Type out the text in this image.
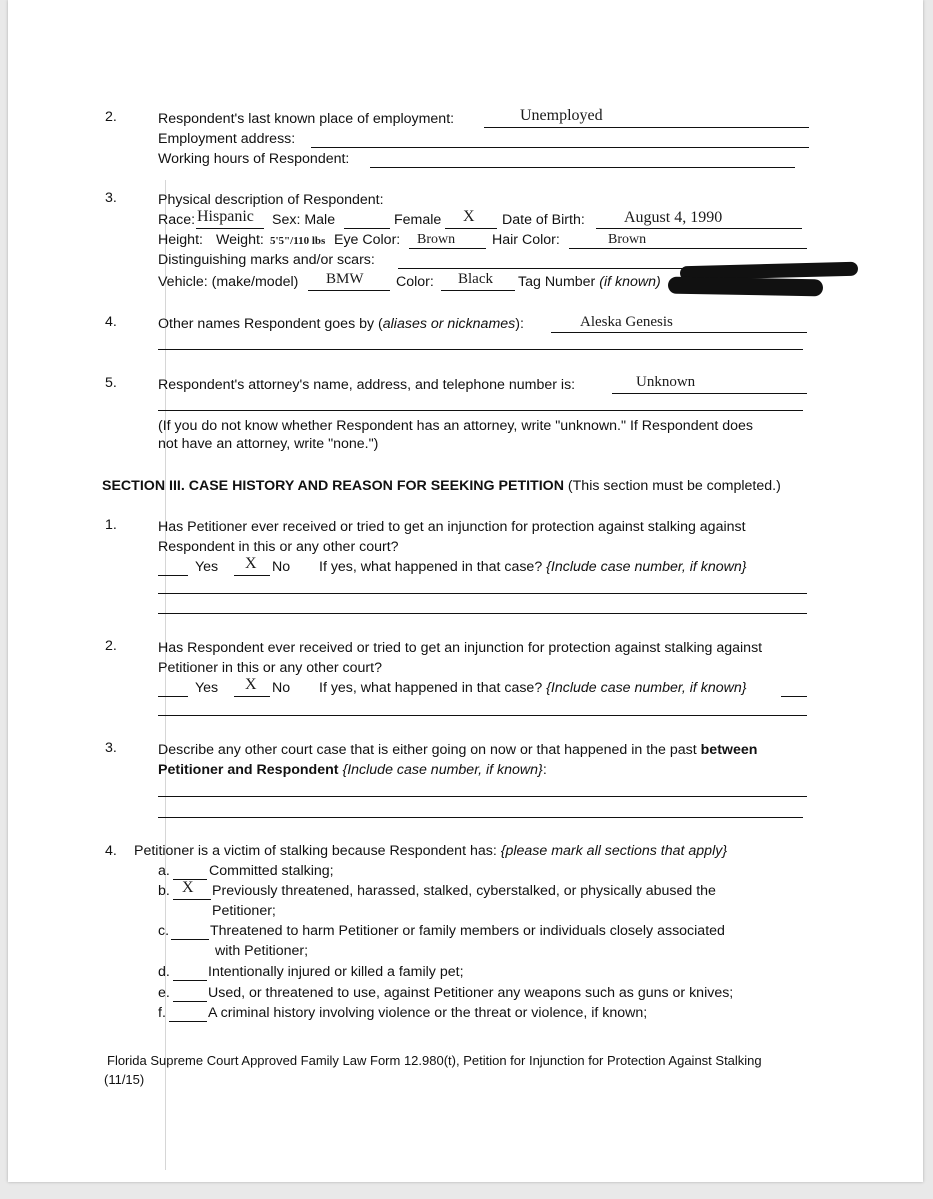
2.	Respondent's last known place of employment:	Unemployed
Employment address:
Working hours of Respondent:
3.	Physical description of Respondent:
Race: Hispanic Sex: Male	Female X Date of Birth: August 4, 1990
Height: Weight: 5'5"/110 lbs Eye Color: Brown	Hair Color:	Brown
Distinguishing marks and/or scars:
Vehicle: (make/model) BMW Color: Black Tag Number (if known)
4.	Other names Respondent goes by (aliases or nicknames):	Aleska Genesis
5.	Respondent's attorney's name, address, and telephone number is:	Unknown
(If you do not know whether Respondent has an attorney, write "unknown." If Respondent does
not have an attorney, write "none.")
SECTION III. CASE HISTORY AND REASON FOR SEEKING PETITION (This section must be completed.)
1.	Has Petitioner ever received or tried to get an injunction for protection against stalking against
Respondent in this or any other court?
Yes X No If yes, what happened in that case? {Include case number, if known}
2.	Has Respondent ever received or tried to get an injunction for protection against stalking against
Petitioner in this or any other court?
Yes X No If yes, what happened in that case? {Include case number, if known}
3.	Describe any other court case that is either going on now or that happened in the past between
Petitioner and Respondent {Include case number, if known}:
4. Petitioner is a victim of stalking because Respondent has: {please mark all sections that apply}
a.	Committed stalking;
b. X Previously threatened, harassed, stalked, cyberstalked, or physically abused the
Petitioner;
c.	Threatened to harm Petitioner or family members or individuals closely associated
with Petitioner;
d.	Intentionally injured or killed a family pet;
e.	Used, or threatened to use, against Petitioner any weapons such as guns or knives;
f.	A criminal history involving violence or the threat or violence, if known;
Florida Supreme Court Approved Family Law Form 12.980(t), Petition for Injunction for Protection Against Stalking
(11/15)
